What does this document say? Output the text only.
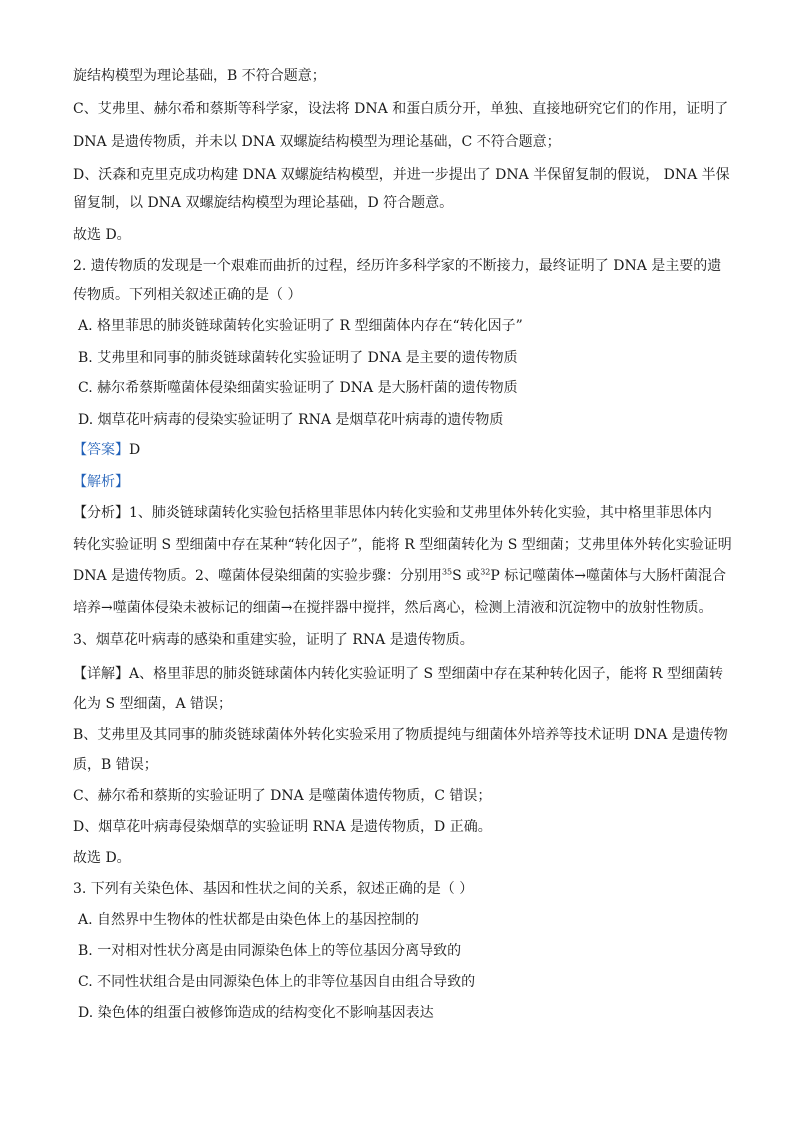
旋结构模型为理论基础，B 不符合题意；
C、艾弗里、赫尔希和蔡斯等科学家，设法将 DNA 和蛋白质分开，单独、直接地研究它们的作用，证明了
DNA 是遗传物质，并未以 DNA 双螺旋结构模型为理论基础，C 不符合题意；
D、沃森和克里克成功构建 DNA 双螺旋结构模型，并进一步提出了 DNA 半保留复制的假说， DNA 半保
留复制，以 DNA 双螺旋结构模型为理论基础，D 符合题意。
故选 D。
2. 遗传物质的发现是一个艰难而曲折的过程，经历许多科学家的不断接力，最终证明了 DNA 是主要的遗
传物质。下列相关叙述正确的是（ ）
A. 格里菲思的肺炎链球菌转化实验证明了 R 型细菌体内存在“转化因子”
B. 艾弗里和同事的肺炎链球菌转化实验证明了 DNA 是主要的遗传物质
C. 赫尔希蔡斯噬菌体侵染细菌实验证明了 DNA 是大肠杆菌的遗传物质
D. 烟草花叶病毒的侵染实验证明了 RNA 是烟草花叶病毒的遗传物质
【答案】D
【解析】
【分析】1、肺炎链球菌转化实验包括格里菲思体内转化实验和艾弗里体外转化实验，其中格里菲思体内
转化实验证明 S 型细菌中存在某种“转化因子”，能将 R 型细菌转化为 S 型细菌；艾弗里体外转化实验证明
DNA 是遗传物质。2、噬菌体侵染细菌的实验步骤：分别用$^{35}$S 或$^{32}$P 标记噬菌体→噬菌体与大肠杆菌混合
培养→噬菌体侵染未被标记的细菌→在搅拌器中搅拌，然后离心，检测上清液和沉淀物中的放射性物质。
3、烟草花叶病毒的感染和重建实验，证明了 RNA 是遗传物质。
【详解】A、格里菲思的肺炎链球菌体内转化实验证明了 S 型细菌中存在某种转化因子，能将 R 型细菌转
化为 S 型细菌，A 错误；
B、艾弗里及其同事的肺炎链球菌体外转化实验采用了物质提纯与细菌体外培养等技术证明 DNA 是遗传物
质，B 错误；
C、赫尔希和蔡斯的实验证明了 DNA 是噬菌体遗传物质，C 错误；
D、烟草花叶病毒侵染烟草的实验证明 RNA 是遗传物质，D 正确。
故选 D。
3. 下列有关染色体、基因和性状之间的关系，叙述正确的是（ ）
A. 自然界中生物体的性状都是由染色体上的基因控制的
B. 一对相对性状分离是由同源染色体上的等位基因分离导致的
C. 不同性状组合是由同源染色体上的非等位基因自由组合导致的
D. 染色体的组蛋白被修饰造成的结构变化不影响基因表达
